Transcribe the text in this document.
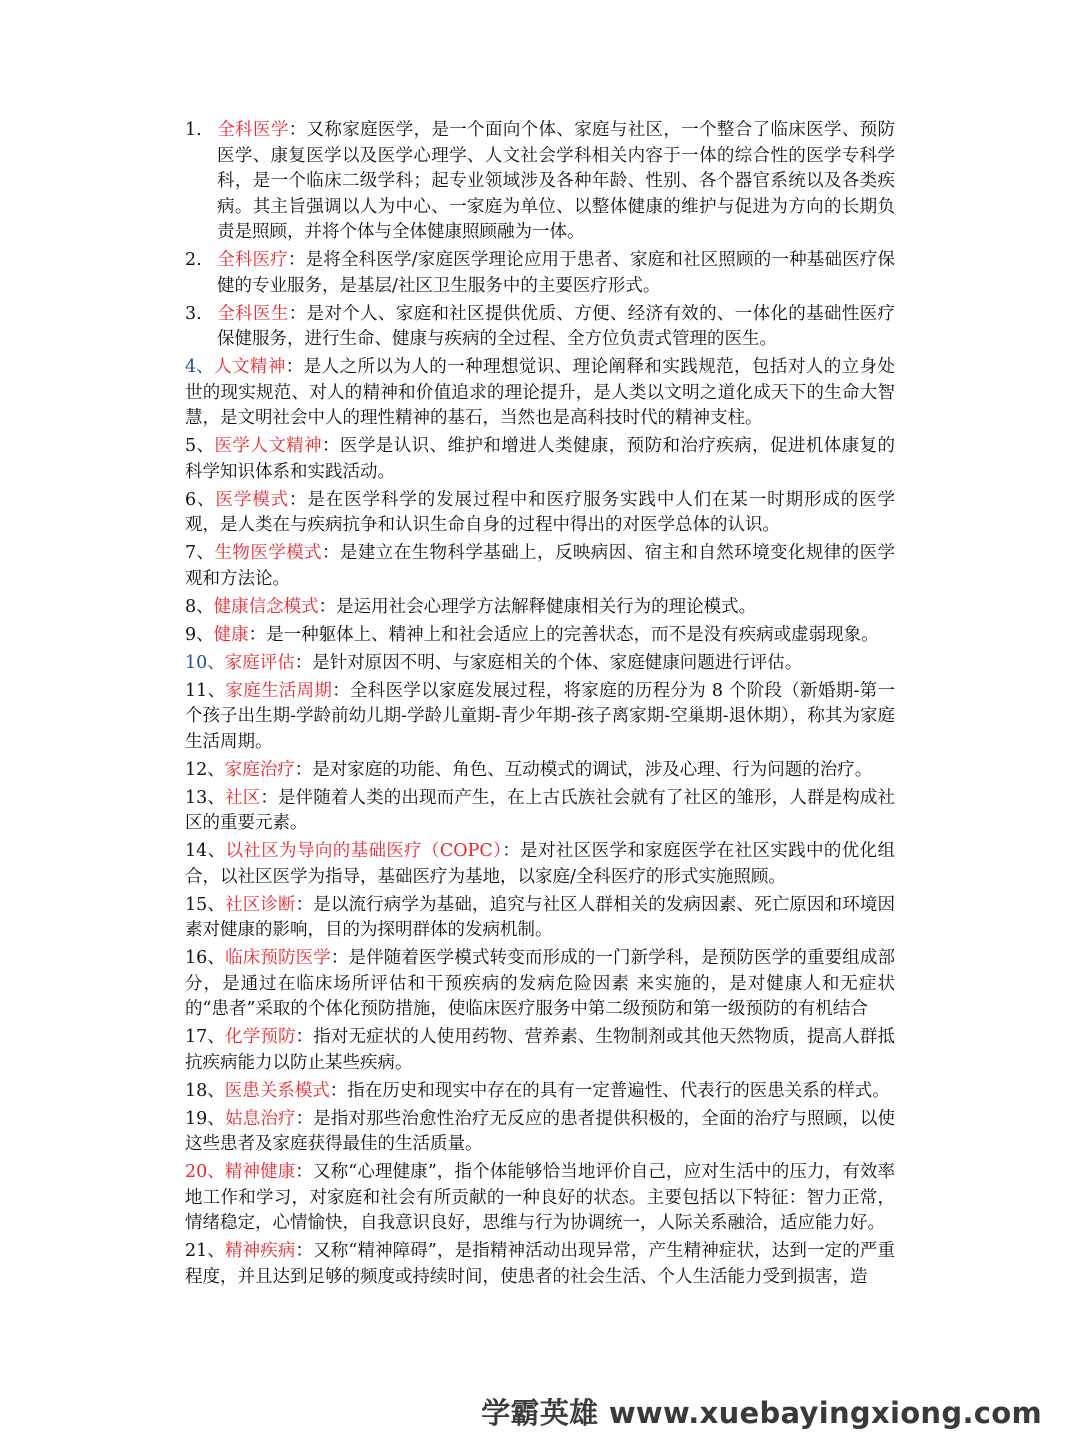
1. 全科医学：又称家庭医学，是一个面向个体、家庭与社区，一个整合了临床医学、预防医学、康复医学以及医学心理学、人文社会学科相关内容于一体的综合性的医学专科学科，是一个临床二级学科；起专业领域涉及各种年龄、性别、各个器官系统以及各类疾病。其主旨强调以人为中心、一家庭为单位、以整体健康的维护与促进为方向的长期负责是照顾，并将个体与全体健康照顾融为一体。
2. 全科医疗：是将全科医学/家庭医学理论应用于患者、家庭和社区照顾的一种基础医疗保健的专业服务，是基层/社区卫生服务中的主要医疗形式。
3. 全科医生：是对个人、家庭和社区提供优质、方便、经济有效的、一体化的基础性医疗保健服务，进行生命、健康与疾病的全过程、全方位负责式管理的医生。
4、人文精神：是人之所以为人的一种理想觉识、理论阐释和实践规范，包括对人的立身处世的现实规范、对人的精神和价值追求的理论提升，是人类以文明之道化成天下的生命大智慧，是文明社会中人的理性精神的基石，当然也是高科技时代的精神支柱。
5、医学人文精神：医学是认识、维护和增进人类健康，预防和治疗疾病，促进机体康复的科学知识体系和实践活动。
6、医学模式：是在医学科学的发展过程中和医疗服务实践中人们在某一时期形成的医学观，是人类在与疾病抗争和认识生命自身的过程中得出的对医学总体的认识。
7、生物医学模式：是建立在生物科学基础上，反映病因、宿主和自然环境变化规律的医学观和方法论。
8、健康信念模式：是运用社会心理学方法解释健康相关行为的理论模式。
9、健康：是一种躯体上、精神上和社会适应上的完善状态，而不是没有疾病或虚弱现象。
10、家庭评估：是针对原因不明、与家庭相关的个体、家庭健康问题进行评估。
11、家庭生活周期：全科医学以家庭发展过程，将家庭的历程分为 8 个阶段（新婚期-第一个孩子出生期-学龄前幼儿期-学龄儿童期-青少年期-孩子离家期-空巢期-退休期），称其为家庭生活周期。
12、家庭治疗：是对家庭的功能、角色、互动模式的调试，涉及心理、行为问题的治疗。
13、社区：是伴随着人类的出现而产生，在上古氏族社会就有了社区的雏形，人群是构成社区的重要元素。
14、以社区为导向的基础医疗（COPC）：是对社区医学和家庭医学在社区实践中的优化组合，以社区医学为指导，基础医疗为基地，以家庭/全科医疗的形式实施照顾。
15、社区诊断：是以流行病学为基础，追究与社区人群相关的发病因素、死亡原因和环境因素对健康的影响，目的为探明群体的发病机制。
16、临床预防医学：是伴随着医学模式转变而形成的一门新学科，是预防医学的重要组成部分，是通过在临床场所评估和干预疾病的发病危险因素 来实施的，是对健康人和无症状的“患者”采取的个体化预防措施，使临床医疗服务中第二级预防和第一级预防的有机结合
17、化学预防：指对无症状的人使用药物、营养素、生物制剂或其他天然物质，提高人群抵抗疾病能力以防止某些疾病。
18、医患关系模式：指在历史和现实中存在的具有一定普遍性、代表行的医患关系的样式。
19、姑息治疗：是指对那些治愈性治疗无反应的患者提供积极的，全面的治疗与照顾，以使这些患者及家庭获得最佳的生活质量。
20、精神健康：又称“心理健康”，指个体能够恰当地评价自己，应对生活中的压力，有效率地工作和学习，对家庭和社会有所贡献的一种良好的状态。主要包括以下特征：智力正常，情绪稳定，心情愉快，自我意识良好，思维与行为协调统一，人际关系融洽，适应能力好。
21、精神疾病：又称“精神障碍”，是指精神活动出现异常，产生精神症状，达到一定的严重程度，并且达到足够的频度或持续时间，使患者的社会生活、个人生活能力受到损害，造
学霸英雄 www.xuebayingxiong.com
